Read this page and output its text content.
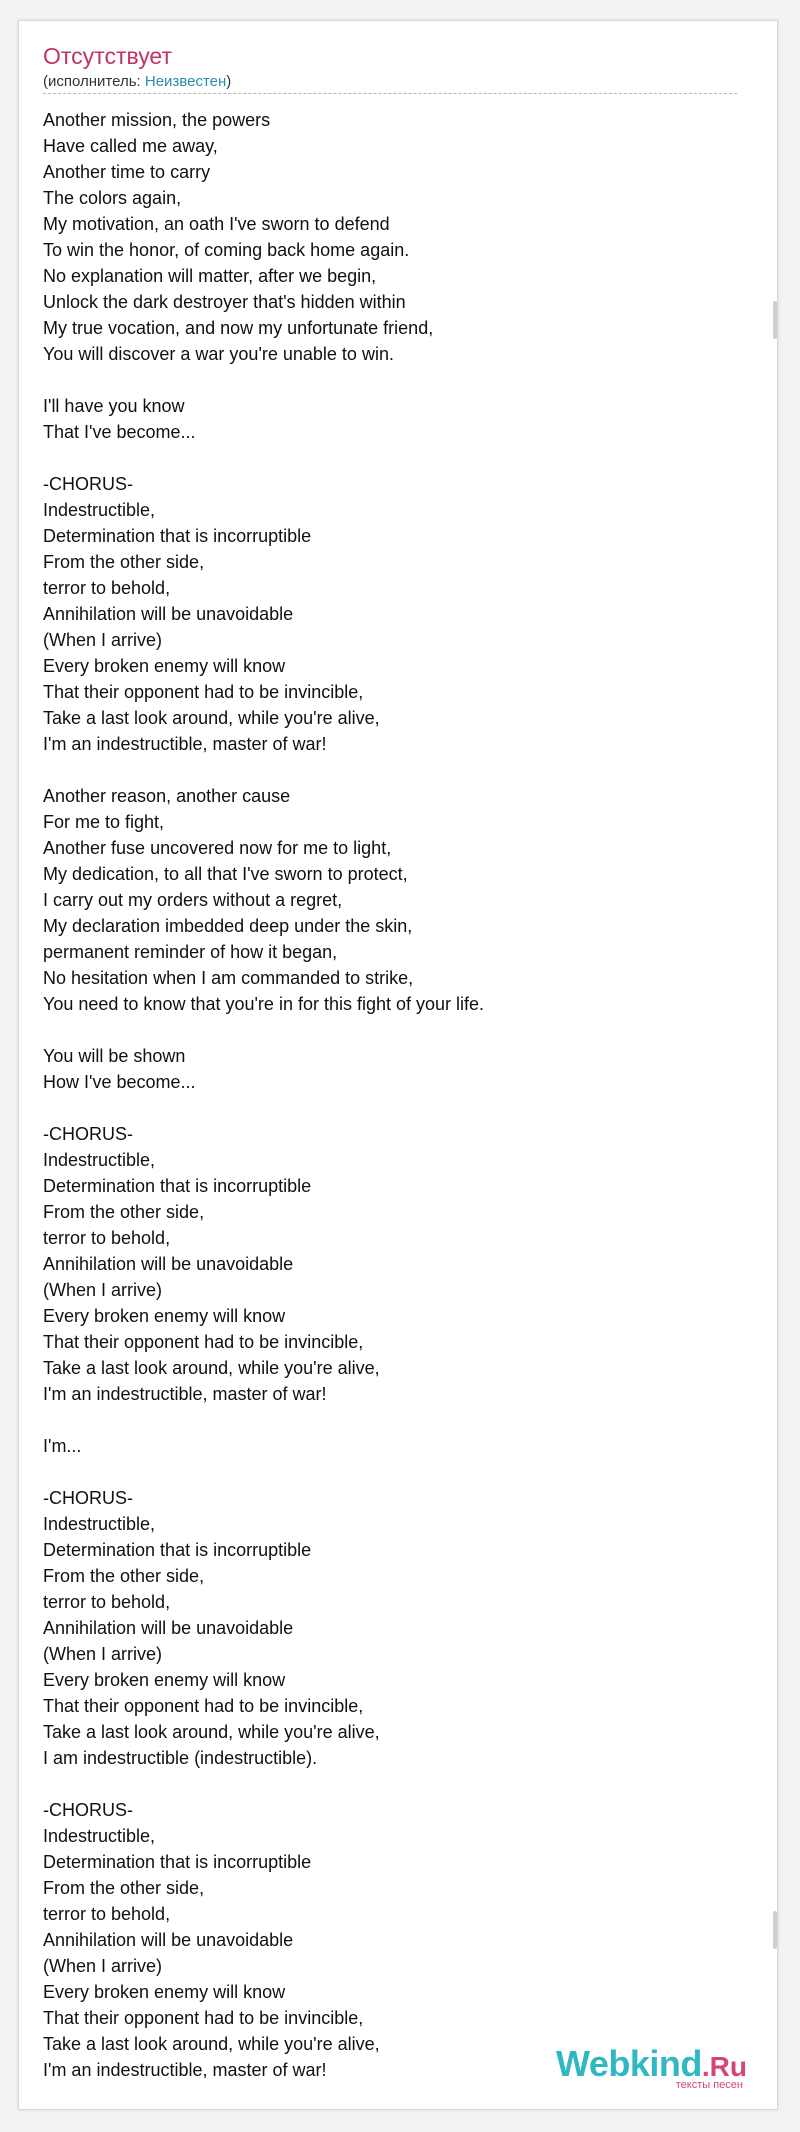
Отсутствует
(исполнитель: Неизвестен)
Another mission, the powers
Have called me away,
Another time to carry
The colors again,
My motivation, an oath I've sworn to defend
To win the honor, of coming back home again.
No explanation will matter, after we begin,
Unlock the dark destroyer that's hidden within
My true vocation, and now my unfortunate friend,
You will discover a war you're unable to win.
I'll have you know
That I've become...
-CHORUS-
Indestructible,
Determination that is incorruptible
From the other side,
terror to behold,
Annihilation will be unavoidable
(When I arrive)
Every broken enemy will know
That their opponent had to be invincible,
Take a last look around, while you're alive,
I'm an indestructible, master of war!
Another reason, another cause
For me to fight,
Another fuse uncovered now for me to light,
My dedication, to all that I've sworn to protect,
I carry out my orders without a regret,
My declaration imbedded deep under the skin,
permanent reminder of how it began,
No hesitation when I am commanded to strike,
You need to know that you're in for this fight of your life.
You will be shown
How I've become...
-CHORUS-
Indestructible,
Determination that is incorruptible
From the other side,
terror to behold,
Annihilation will be unavoidable
(When I arrive)
Every broken enemy will know
That their opponent had to be invincible,
Take a last look around, while you're alive,
I'm an indestructible, master of war!
I'm...
-CHORUS-
Indestructible,
Determination that is incorruptible
From the other side,
terror to behold,
Annihilation will be unavoidable
(When I arrive)
Every broken enemy will know
That their opponent had to be invincible,
Take a last look around, while you're alive,
I am indestructible (indestructible).
-CHORUS-
Indestructible,
Determination that is incorruptible
From the other side,
terror to behold,
Annihilation will be unavoidable
(When I arrive)
Every broken enemy will know
That their opponent had to be invincible,
Take a last look around, while you're alive,
I'm an indestructible, master of war!	Webkind.Ru
тексты песен
